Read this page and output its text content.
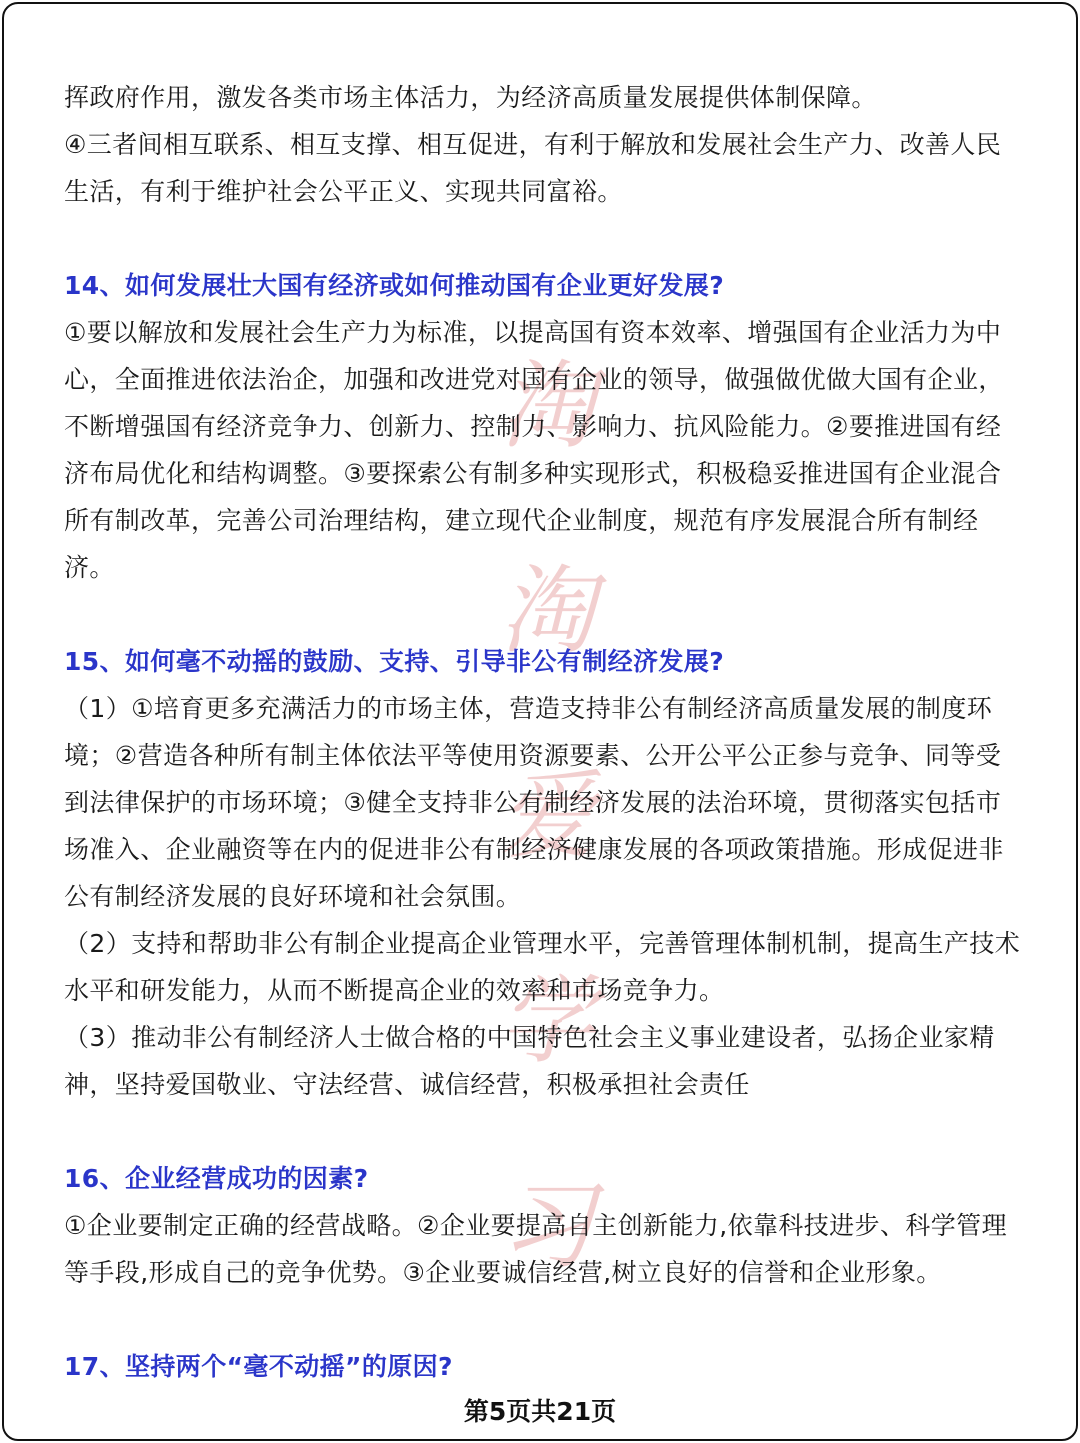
淘
淘
爱
学
习

挥政府作用，激发各类市场主体活力，为经济高质量发展提供体制保障。

④三者间相互联系、相互支撑、相互促进，有利于解放和发展社会生产力、改善人民生活，有利于维护社会公平正义、实现共同富裕。

14、如何发展壮大国有经济或如何推动国有企业更好发展?

①要以解放和发展社会生产力为标准，以提高国有资本效率、增强国有企业活力为中心，全面推进依法治企，加强和改进党对国有企业的领导，做强做优做大国有企业，不断增强国有经济竞争力、创新力、控制力、影响力、抗风险能力。②要推进国有经济布局优化和结构调整。③要探索公有制多种实现形式，积极稳妥推进国有企业混合所有制改革，完善公司治理结构，建立现代企业制度，规范有序发展混合所有制经济。

15、如何毫不动摇的鼓励、支持、引导非公有制经济发展?

（1）①培育更多充满活力的市场主体，营造支持非公有制经济高质量发展的制度环境；②营造各种所有制主体依法平等使用资源要素、公开公平公正参与竞争、同等受到法律保护的市场环境；③健全支持非公有制经济发展的法治环境，贯彻落实包括市场准入、企业融资等在内的促进非公有制经济健康发展的各项政策措施。形成促进非公有制经济发展的良好环境和社会氛围。

（2）支持和帮助非公有制企业提高企业管理水平，完善管理体制机制，提高生产技术水平和研发能力，从而不断提高企业的效率和市场竞争力。

（3）推动非公有制经济人士做合格的中国特色社会主义事业建设者，弘扬企业家精神，坚持爱国敬业、守法经营、诚信经营，积极承担社会责任

16、企业经营成功的因素?

①企业要制定正确的经营战略。②企业要提高自主创新能力,依靠科技进步、科学管理等手段,形成自己的竞争优势。③企业要诚信经营,树立良好的信誉和企业形象。

17、坚持两个“毫不动摇”的原因?
第5页共21页
